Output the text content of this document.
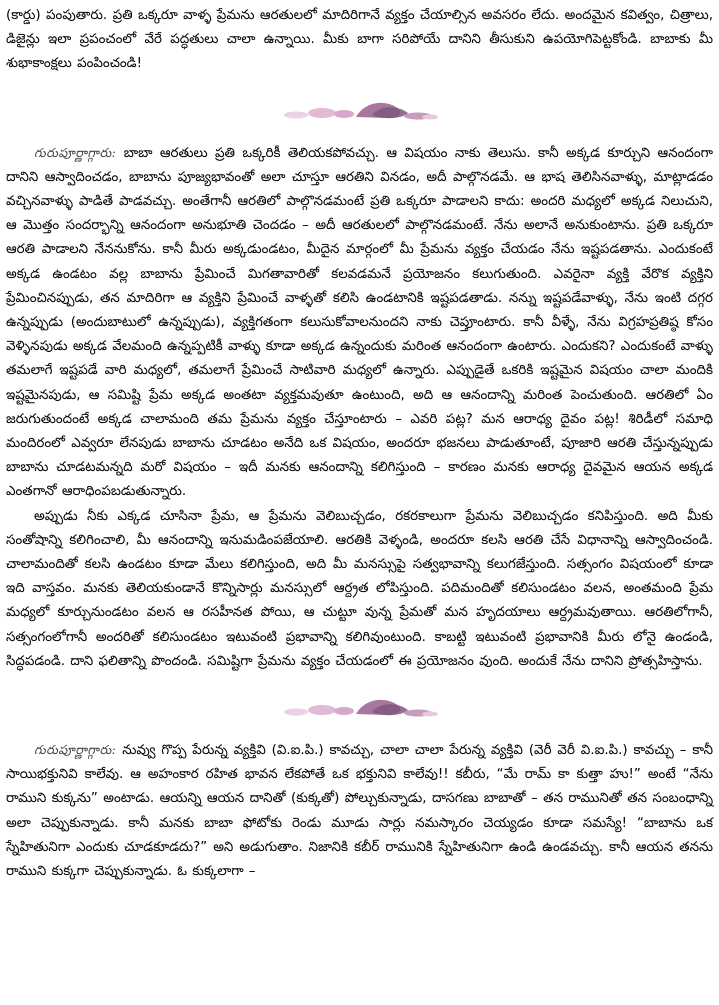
(కార్డు) పంపుతారు. ప్రతి ఒక్కరూ వాళ్ళ ప్రేమను ఆరతులలో మాదిరిగానే వ్యక్తం చేయాల్సిన అవసరం లేదు. అందమైన కవిత్వం, చిత్రాలు, డిజైన్లు ఇలా ప్రపంచంలో వేరే పద్ధతులు చాలా ఉన్నాయి. మీకు బాగా సరిపోయే దానిని తీసుకుని ఉపయోగిపెట్టకోండి. బాబాకు మీ శుభాకాంక్షలు పంపించండి!

గురుపూర్ణాగ్గారు: బాబా ఆరతులు ప్రతి ఒక్కరికీ తెలియకపోవచ్చు. ఆ విషయం నాకు తెలుసు. కానీ అక్కడ కూర్చుని ఆనందంగా దానిని ఆస్వాదించడం, బాబాను పూజ్యభావంతో అలా చూస్తూ ఆరతిని వినడం, అదీ పాల్గొనడమే. ఆ భాష తెలిసినవాళ్ళు, మాట్లాడడం వచ్చినవాళ్ళు పాడితే పాడవచ్చు. అంతేగానీ ఆరతిలో పాల్గొనడమంటే ప్రతి ఒక్కరూ పాడాలని కాదు: అందరి మధ్యలో అక్కడ నిలుచుని, ఆ మొత్తం సందర్భాన్ని ఆనందంగా అనుభూతి చెందడం – అదీ ఆరతులలో పాల్గొనడమంటే. నేను అలానే అనుకుంటాను. ప్రతి ఒక్కరూ ఆరతి పాడాలని నేననుకోను. కానీ మీరు అక్కడుండటం, మీదైన మార్గంలో మీ ప్రేమను వ్యక్తం చేయడం నేను ఇష్టపడతాను. ఎందుకంటే అక్కడ ఉండటం వల్ల బాబాను ప్రేమించే మిగతావారితో కలవడమనే ప్రయోజనం కలుగుతుంది. ఎవరైనా వ్యక్తి వేరొక వ్యక్తిని ప్రేమించినప్పుడు, తన మాదిరిగా ఆ వ్యక్తిని ప్రేమించే వాళ్ళతో కలిసి ఉండటానికి ఇష్టపడతాడు. నన్ను ఇష్టపడేవాళ్ళు, నేను ఇంటి దగ్గర ఉన్నప్పుడు (అందుబాటులో ఉన్నప్పుడు), వ్యక్తిగతంగా కలుసుకోవాలనుందని నాకు చెప్తూంటారు. కానీ వీళ్ళే, నేను విగ్రహప్రతిష్ఠ కోసం వెళ్ళినపుడు అక్కడ వేలమంది ఉన్నప్పటికీ వాళ్ళు కూడా అక్కడ ఉన్నందుకు మరింత ఆనందంగా ఉంటారు. ఎందుకని? ఎందుకంటే వాళ్ళు తమలాగే ఇష్టపడే వారి మధ్యలో, తమలాగే ప్రేమించే సాటివారి మధ్యలో ఉన్నారు. ఎప్పుడైతే ఒకరికి ఇష్టమైన విషయం చాలా మందికి ఇష్టమైనపుడు, ఆ సమిష్టి ప్రేమ అక్కడ అంతటా వ్యక్తమవుతూ ఉంటుంది, అది ఆ ఆనందాన్ని మరింత పెంచుతుంది. ఆరతిలో ఏం జరుగుతుందంటే అక్కడ చాలామంది తమ ప్రేమను వ్యక్తం చేస్తూంటారు – ఎవరి పట్ల? మన ఆరాధ్య దైవం పట్ల! శిరిడీలో సమాధి మందిరంలో ఎవ్వరూ లేనపుడు బాబాను చూడటం అనేది ఒక విషయం, అందరూ భజనలు పాడుతూంటే, పూజారి ఆరతి చేస్తున్నప్పుడు బాబాను చూడటమన్నది మరో విషయం – ఇదీ మనకు ఆనందాన్ని కలిగిస్తుంది – కారణం మనకు ఆరాధ్య దైవమైన ఆయన అక్కడ ఎంతగానో ఆరాధింపబడుతున్నారు.

అప్పుడు నీకు ఎక్కడ చూసినా ప్రేమ, ఆ ప్రేమను వెలిబుచ్చడం, రకరకాలుగా ప్రేమను వెలిబుచ్చడం కనిపిస్తుంది. అది మీకు సంతోషాన్ని కలిగించాలి, మీ ఆనందాన్ని ఇనుమడింపజేయాలి. ఆరతికి వెళ్ళండి, అందరూ కలసి ఆరతి చేసే విధానాన్ని ఆస్వాదించండి. చాలామందితో కలసి ఉండటం కూడా మేలు కలిగిస్తుంది, అది మీ మనస్సుపై సత్వభావాన్ని కలుగజేస్తుంది. సత్సంగం విషయంలో కూడా ఇది వాస్తవం. మనకు తెలియకుండానే కొన్నిసార్లు మనస్సులో ఆర్ద్రత లోపిస్తుంది. పదిమందితో కలిసుండటం వలన, అంతమంది ప్రేమ మధ్యలో కూర్చునుండటం వలన ఆ రసహీనత పోయి, ఆ చుట్టూ వున్న ప్రేమతో మన హృదయాలు ఆర్ద్రమవుతాయి. ఆరతిలోగానీ, సత్సంగంలోగానీ అందరితో కలిసుండటం ఇటువంటి ప్రభావాన్ని కలిగివుంటుంది. కాబట్టి ఇటువంటి ప్రభావానికి మీరు లోనై ఉండండి, సిద్ధపడండి. దాని ఫలితాన్ని పొందండి. సమిష్టిగా ప్రేమను వ్యక్తం చేయడంలో ఈ ప్రయోజనం వుంది. అందుకే నేను దానిని ప్రోత్సహిస్తాను.

గురుపూర్ణాగ్గారు: నువ్వు గొప్ప పేరున్న వ్యక్తివి (వి.ఐ.పి.) కావచ్చు, చాలా చాలా పేరున్న వ్యక్తివి (వెరీ వెరీ వి.ఐ.పి.) కావచ్చు – కానీ సాయిభక్తునివి కాలేవు. ఆ అహంకార రహిత భావన లేకపోతే ఒక భక్తునివి కాలేవు!! కబీరు, “మే రామ్ కా కుత్తా హు!” అంటే “నేను రాముని కుక్కను” అంటాడు. ఆయన్ని ఆయన దానితో (కుక్కతో) పోల్చుకున్నాడు, దాసగణు బాబాతో – తన రామునితో తన సంబంధాన్ని అలా చెప్పుకున్నాడు. కానీ మనకు బాబా ఫోటోకు రెండు మూడు సార్లు నమస్కారం చెయ్యడం కూడా సమస్యే! “బాబాను ఒక స్నేహితునిగా ఎందుకు చూడకూడదు?” అని అడుగుతాం. నిజానికి కబీర్ రామునికి స్నేహితునిగా ఉండి ఉండవచ్చు. కానీ ఆయన తనను రాముని కుక్కగా చెప్పుకున్నాడు. ఓ కుక్కలాగా –
